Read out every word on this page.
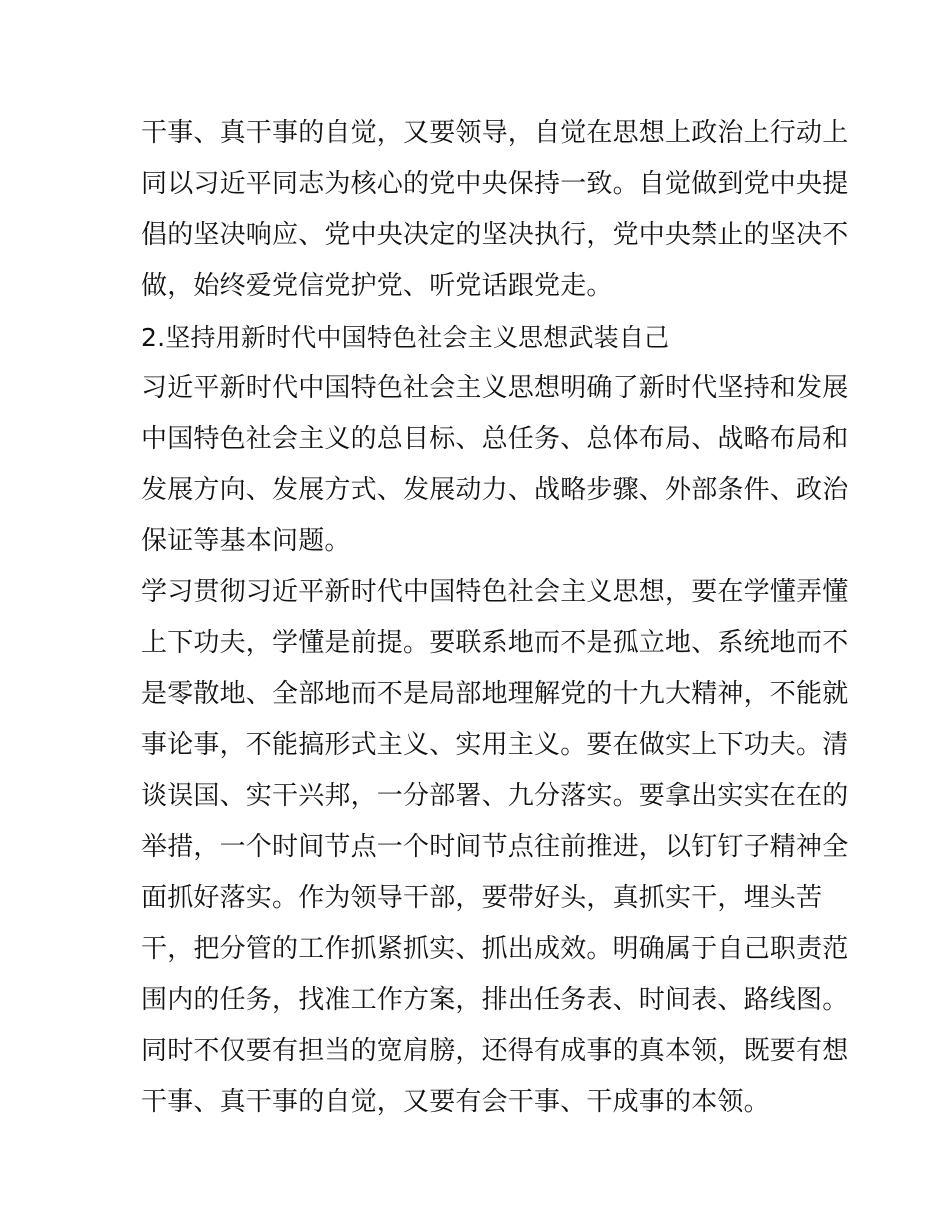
干事、真干事的自觉，又要领导，自觉在思想上政治上行动上
同以习近平同志为核心的党中央保持一致。自觉做到党中央提
倡的坚决响应、党中央决定的坚决执行，党中央禁止的坚决不
做，始终爱党信党护党、听党话跟党走。
2.坚持用新时代中国特色社会主义思想武装自己
习近平新时代中国特色社会主义思想明确了新时代坚持和发展
中国特色社会主义的总目标、总任务、总体布局、战略布局和
发展方向、发展方式、发展动力、战略步骤、外部条件、政治
保证等基本问题。
学习贯彻习近平新时代中国特色社会主义思想，要在学懂弄懂
上下功夫，学懂是前提。要联系地而不是孤立地、系统地而不
是零散地、全部地而不是局部地理解党的十九大精神，不能就
事论事，不能搞形式主义、实用主义。要在做实上下功夫。清
谈误国、实干兴邦，一分部署、九分落实。要拿出实实在在的
举措，一个时间节点一个时间节点往前推进，以钉钉子精神全
面抓好落实。作为领导干部，要带好头，真抓实干，埋头苦
干，把分管的工作抓紧抓实、抓出成效。明确属于自己职责范
围内的任务，找准工作方案，排出任务表、时间表、路线图。
同时不仅要有担当的宽肩膀，还得有成事的真本领，既要有想
干事、真干事的自觉，又要有会干事、干成事的本领。
